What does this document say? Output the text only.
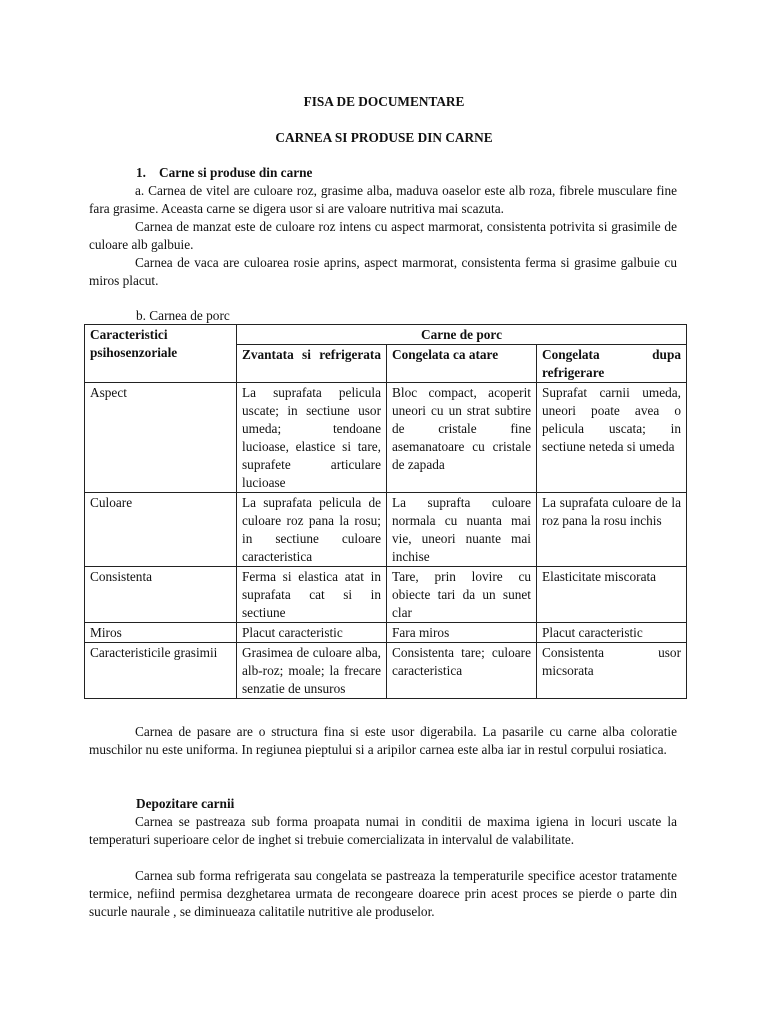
FISA DE DOCUMENTARE
CARNEA SI PRODUSE DIN CARNE
1. Carne si produse din carne
a. Carnea de vitel are culoare roz, grasime alba, maduva oaselor este alb roza, fibrele musculare fine fara grasime. Aceasta carne se digera usor si are valoare nutritiva mai scazuta.
Carnea de manzat este de culoare roz intens cu aspect marmorat, consistenta potrivita si grasimile de culoare alb galbuie.
Carnea de vaca are culoarea rosie aprins, aspect marmorat, consistenta ferma si grasime galbuie cu miros placut.
b. Carnea de porc
Caracteristici psihosenzoriale	Carne de porc		
	Zvantata si refrigerata	Congelata ca atare	Congelata dupa refrigerare
Aspect	La suprafata pelicula uscate; in sectiune usor umeda; tendoane lucioase, elastice si tare, suprafete articulare lucioase	Bloc compact, acoperit uneori cu un strat subtire de cristale fine asemanatoare cu cristale de zapada	Suprafat carnii umeda, uneori poate avea o pelicula uscata; in sectiune neteda si umeda
Culoare	La suprafata pelicula de culoare roz pana la rosu; in sectiune culoare caracteristica	La suprafta culoare normala cu nuanta mai vie, uneori nuante mai inchise	La suprafata culoare de la roz pana la rosu inchis
Consistenta	Ferma si elastica atat in suprafata cat si in sectiune	Tare, prin lovire cu obiecte tari da un sunet clar	Elasticitate miscorata
Miros	Placut caracteristic	Fara miros	Placut caracteristic
Caracteristicile grasimii	Grasimea de culoare alba, alb-roz; moale; la frecare senzatie de unsuros	Consistenta tare; culoare caracteristica	Consistenta usor micsorata
Carnea de pasare are o structura fina si este usor digerabila. La pasarile cu carne alba coloratie muschilor nu este uniforma. In regiunea pieptului si a aripilor carnea este alba iar in restul corpului rosiatica.
Depozitare carnii
Carnea se pastreaza sub forma proapata numai in conditii de maxima igiena in locuri uscate la temperaturi superioare celor de inghet si trebuie comercializata in intervalul de valabilitate.
Carnea sub forma refrigerata sau congelata se pastreaza la temperaturile specifice acestor tratamente termice, nefiind permisa dezghetarea urmata de recongeare doarece prin acest proces se pierde o parte din sucurle naurale , se diminueaza calitatile nutritive ale produselor.
